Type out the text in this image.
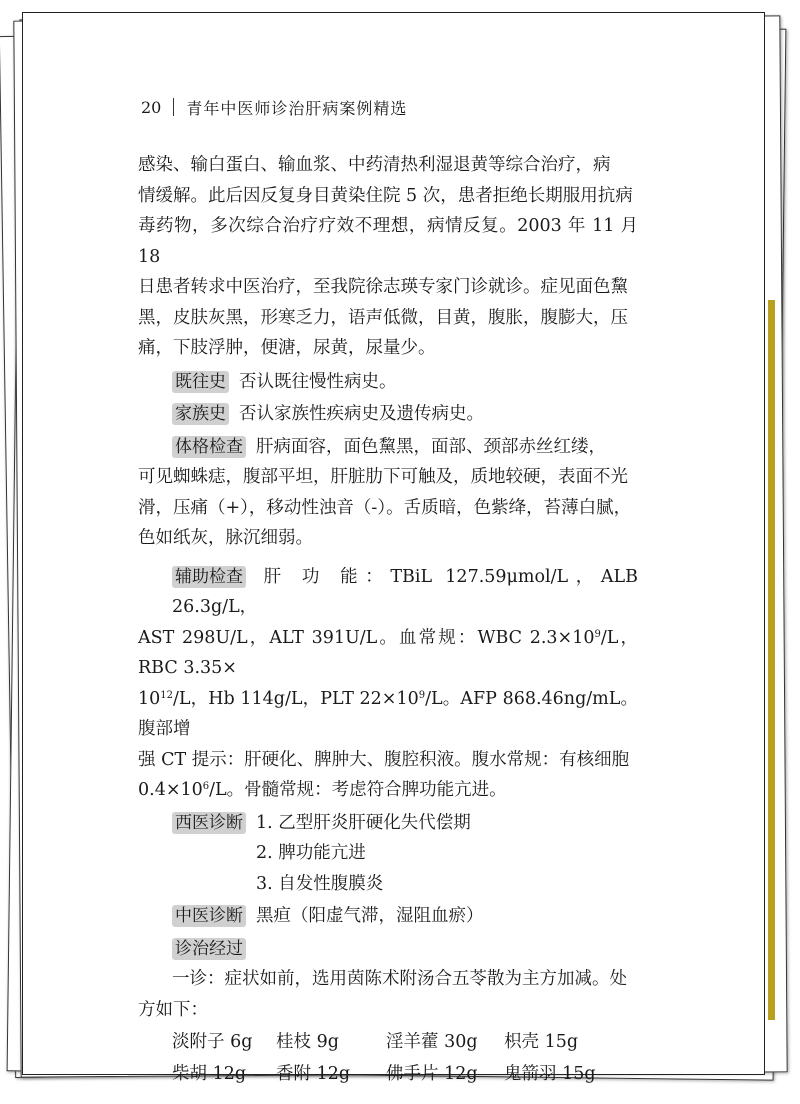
20 青年中医师诊治肝病案例精选

感染、输白蛋白、输血浆、中药清热利湿退黄等综合治疗，病

情缓解。此后因反复身目黄染住院 5 次，患者拒绝长期服用抗病

毒药物，多次综合治疗疗效不理想，病情反复。2003 年 11 月 18

日患者转求中医治疗，至我院徐志瑛专家门诊就诊。症见面色黧

黑，皮肤灰黑，形寒乏力，语声低微，目黄，腹胀，腹膨大，压

痛，下肢浮肿，便溏，尿黄，尿量少。

既往史 否认既往慢性病史。

家族史 否认家族性疾病史及遗传病史。

体格检查 肝病面容，面色黧黑，面部、颈部赤丝红缕，

可见蜘蛛痣，腹部平坦，肝脏肋下可触及，质地较硬，表面不光

滑，压痛（+），移动性浊音（-）。舌质暗，色紫绛，苔薄白腻，

色如纸灰，脉沉细弱。

辅助检查 肝 功 能：TBiL 127.59μmol/L，ALB 26.3g/L，

AST 298U/L，ALT 391U/L。血常规：WBC $2.3\times 10^9/L$，RBC 3.35×

$10^{12}/L$，Hb 114g/L，PLT $22\times 10^9/L$。AFP 868.46ng/mL。腹部增

强 CT 提示：肝硬化、脾肿大、腹腔积液。腹水常规：有核细胞

$0.4\times 10^6/L$。骨髓常规：考虑符合脾功能亢进。

西医诊断 1. 乙型肝炎肝硬化失代偿期
2. 脾功能亢进
3. 自发性腹膜炎

中医诊断 黑疸（阳虚气滞，湿阻血瘀）

诊治经过

一诊：症状如前，选用茵陈术附汤合五苓散为主方加减。处

方如下：

淡附子 6g	桂枝 9g	淫羊藿 30g	枳壳 15g
柴胡 12g	香附 12g	佛手片 12g	鬼箭羽 15g
